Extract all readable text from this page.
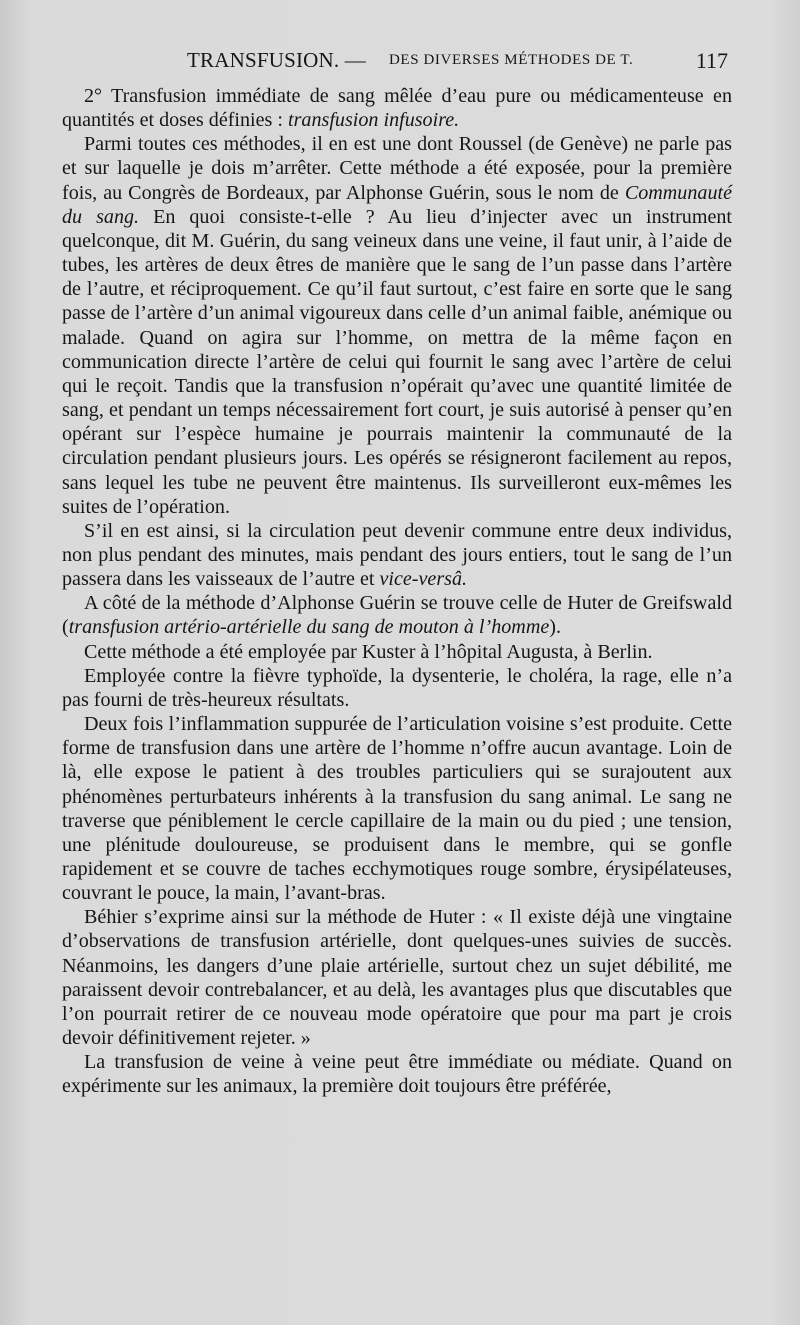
TRANSFUSION. — DES DIVERSES MÉTHODES DE T.	117

2° Transfusion immédiate de sang mêlée d’eau pure ou médicamenteuse en quantités et doses définies : transfusion infusoire.

Parmi toutes ces méthodes, il en est une dont Roussel (de Genève) ne parle pas et sur laquelle je dois m’arrêter. Cette méthode a été exposée, pour la première fois, au Congrès de Bordeaux, par Alphonse Guérin, sous le nom de Communauté du sang. En quoi consiste-t-elle ? Au lieu d’injecter avec un instrument quelconque, dit M. Guérin, du sang veineux dans une veine, il faut unir, à l’aide de tubes, les artères de deux êtres de manière que le sang de l’un passe dans l’artère de l’autre, et réciproquement. Ce qu’il faut surtout, c’est faire en sorte que le sang passe de l’artère d’un animal vigoureux dans celle d’un animal faible, anémique ou malade. Quand on agira sur l’homme, on mettra de la même façon en communication directe l’artère de celui qui fournit le sang avec l’artère de celui qui le reçoit. Tandis que la transfusion n’opérait qu’avec une quantité limitée de sang, et pendant un temps nécessairement fort court, je suis autorisé à penser qu’en opérant sur l’espèce humaine je pourrais maintenir la communauté de la circulation pendant plusieurs jours. Les opérés se résigneront facilement au repos, sans lequel les tube ne peuvent être maintenus. Ils surveilleront eux-mêmes les suites de l’opération.

S’il en est ainsi, si la circulation peut devenir commune entre deux individus, non plus pendant des minutes, mais pendant des jours entiers, tout le sang de l’un passera dans les vaisseaux de l’autre et vice-versâ.

A côté de la méthode d’Alphonse Guérin se trouve celle de Huter de Greifswald (transfusion artério-artérielle du sang de mouton à l’homme).

Cette méthode a été employée par Kuster à l’hôpital Augusta, à Berlin.

Employée contre la fièvre typhoïde, la dysenterie, le choléra, la rage, elle n’a pas fourni de très-heureux résultats.

Deux fois l’inflammation suppurée de l’articulation voisine s’est produite. Cette forme de transfusion dans une artère de l’homme n’offre aucun avantage. Loin de là, elle expose le patient à des troubles particuliers qui se surajoutent aux phénomènes perturbateurs inhérents à la transfusion du sang animal. Le sang ne traverse que péniblement le cercle capillaire de la main ou du pied ; une tension, une plénitude douloureuse, se produisent dans le membre, qui se gonfle rapidement et se couvre de taches ecchymotiques rouge sombre, érysipélateuses, couvrant le pouce, la main, l’avant-bras.

Béhier s’exprime ainsi sur la méthode de Huter : « Il existe déjà une vingtaine d’observations de transfusion artérielle, dont quelques-unes suivies de succès. Néanmoins, les dangers d’une plaie artérielle, surtout chez un sujet débilité, me paraissent devoir contrebalancer, et au delà, les avantages plus que discutables que l’on pourrait retirer de ce nouveau mode opératoire que pour ma part je crois devoir définitivement rejeter. »

La transfusion de veine à veine peut être immédiate ou médiate. Quand on expérimente sur les animaux, la première doit toujours être préférée,
